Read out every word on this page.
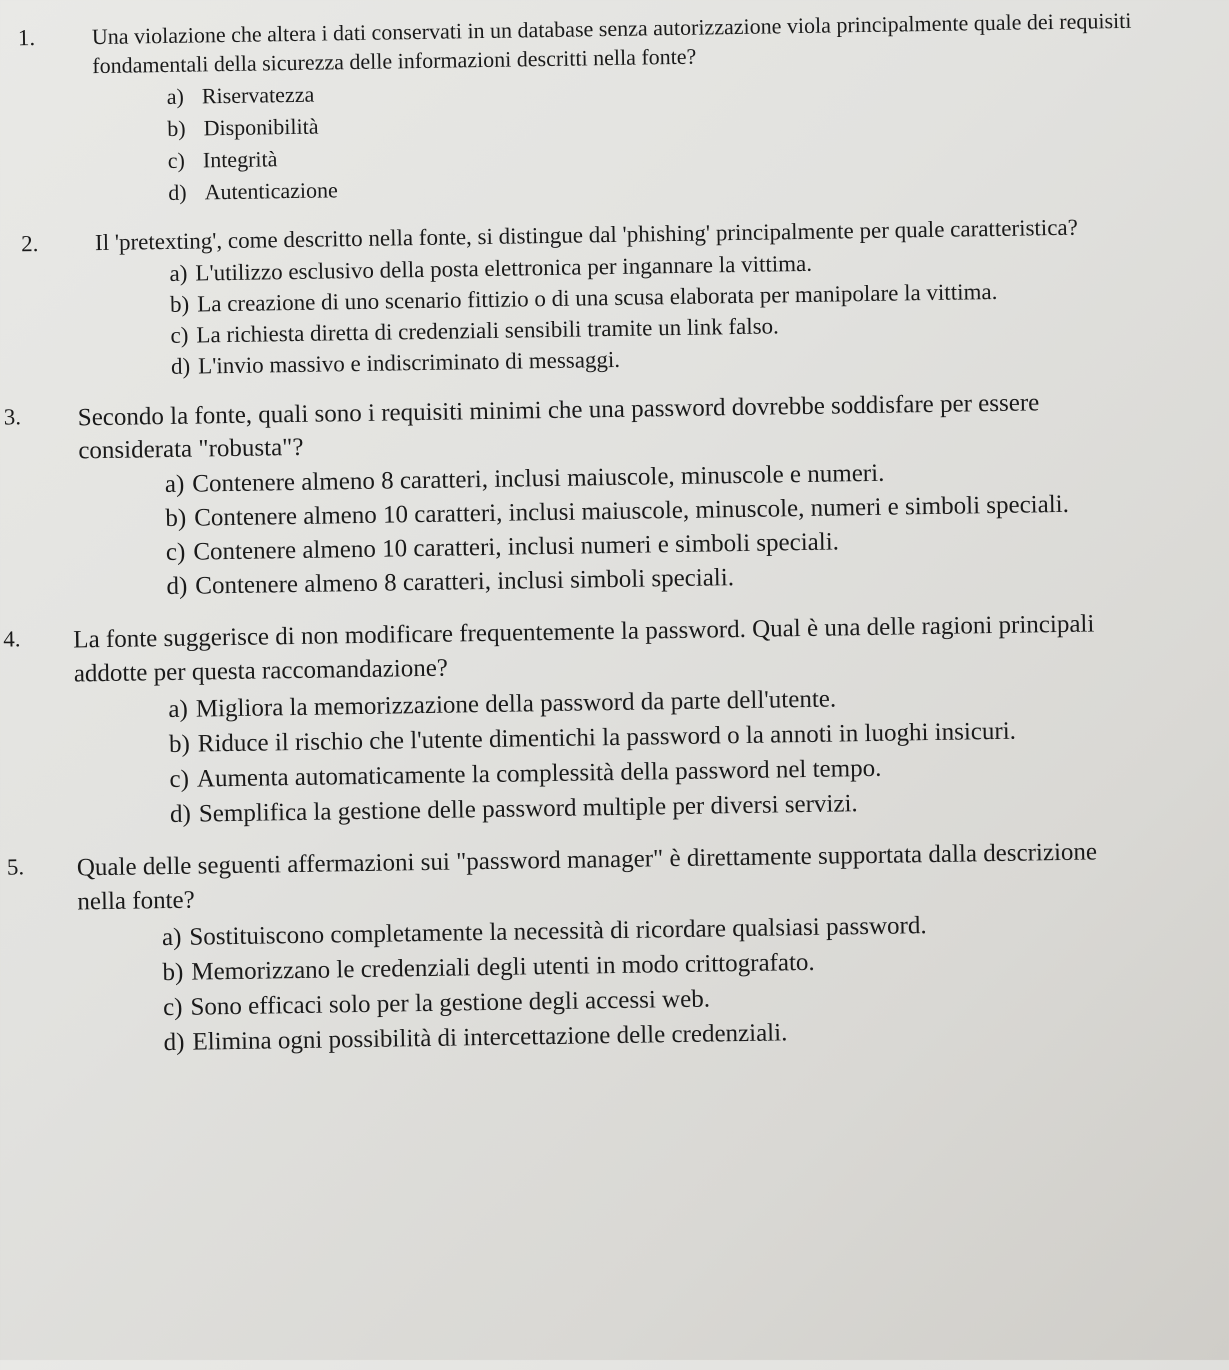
1.	Una violazione che altera i dati conservati in un database senza autorizzazione viola principalmente quale dei requisiti fondamentali della sicurezza delle informazioni descritti nella fonte?
a) Riservatezza
b) Disponibilità
c) Integrità
d) Autenticazione
2.	Il 'pretexting', come descritto nella fonte, si distingue dal 'phishing' principalmente per quale caratteristica?
a) L'utilizzo esclusivo della posta elettronica per ingannare la vittima.
b) La creazione di uno scenario fittizio o di una scusa elaborata per manipolare la vittima.
c) La richiesta diretta di credenziali sensibili tramite un link falso.
d) L'invio massivo e indiscriminato di messaggi.
3.	Secondo la fonte, quali sono i requisiti minimi che una password dovrebbe soddisfare per essere considerata "robusta"?
a) Contenere almeno 8 caratteri, inclusi maiuscole, minuscole e numeri.
b) Contenere almeno 10 caratteri, inclusi maiuscole, minuscole, numeri e simboli speciali.
c) Contenere almeno 10 caratteri, inclusi numeri e simboli speciali.
d) Contenere almeno 8 caratteri, inclusi simboli speciali.
4.	La fonte suggerisce di non modificare frequentemente la password. Qual è una delle ragioni principali addotte per questa raccomandazione?
a) Migliora la memorizzazione della password da parte dell'utente.
b) Riduce il rischio che l'utente dimentichi la password o la annoti in luoghi insicuri.
c) Aumenta automaticamente la complessità della password nel tempo.
d) Semplifica la gestione delle password multiple per diversi servizi.
5.	Quale delle seguenti affermazioni sui "password manager" è direttamente supportata dalla descrizione nella fonte?
a) Sostituiscono completamente la necessità di ricordare qualsiasi password.
b) Memorizzano le credenziali degli utenti in modo crittografato.
c) Sono efficaci solo per la gestione degli accessi web.
d) Elimina ogni possibilità di intercettazione delle credenziali.
